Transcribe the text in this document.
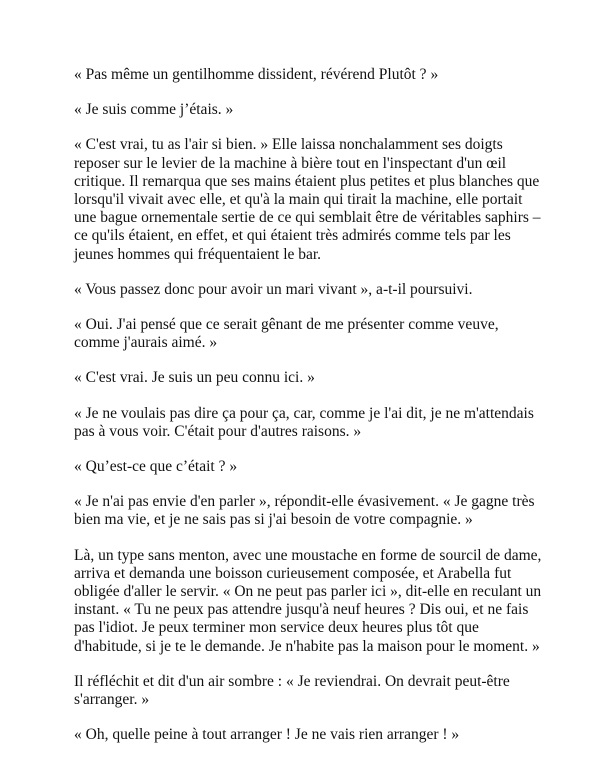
« Pas même un gentilhomme dissident, révérend Plutôt ? »

« Je suis comme j’étais. »

« C'est vrai, tu as l'air si bien. » Elle laissa nonchalamment ses doigts reposer sur le levier de la machine à bière tout en l'inspectant d'un œil critique. Il remarqua que ses mains étaient plus petites et plus blanches que lorsqu'il vivait avec elle, et qu'à la main qui tirait la machine, elle portait une bague ornementale sertie de ce qui semblait être de véritables saphirs – ce qu'ils étaient, en effet, et qui étaient très admirés comme tels par les jeunes hommes qui fréquentaient le bar.

« Vous passez donc pour avoir un mari vivant », a-t-il poursuivi.

« Oui. J'ai pensé que ce serait gênant de me présenter comme veuve, comme j'aurais aimé. »

« C'est vrai. Je suis un peu connu ici. »

« Je ne voulais pas dire ça pour ça, car, comme je l'ai dit, je ne m'attendais pas à vous voir. C'était pour d'autres raisons. »

« Qu’est-ce que c’était ? »

« Je n'ai pas envie d'en parler », répondit-elle évasivement. « Je gagne très bien ma vie, et je ne sais pas si j'ai besoin de votre compagnie. »

Là, un type sans menton, avec une moustache en forme de sourcil de dame, arriva et demanda une boisson curieusement composée, et Arabella fut obligée d'aller le servir. « On ne peut pas parler ici », dit-elle en reculant un instant. « Tu ne peux pas attendre jusqu'à neuf heures ? Dis oui, et ne fais pas l'idiot. Je peux terminer mon service deux heures plus tôt que d'habitude, si je te le demande. Je n'habite pas la maison pour le moment. »

Il réfléchit et dit d'un air sombre : « Je reviendrai. On devrait peut-être s'arranger. »

« Oh, quelle peine à tout arranger ! Je ne vais rien arranger ! »
